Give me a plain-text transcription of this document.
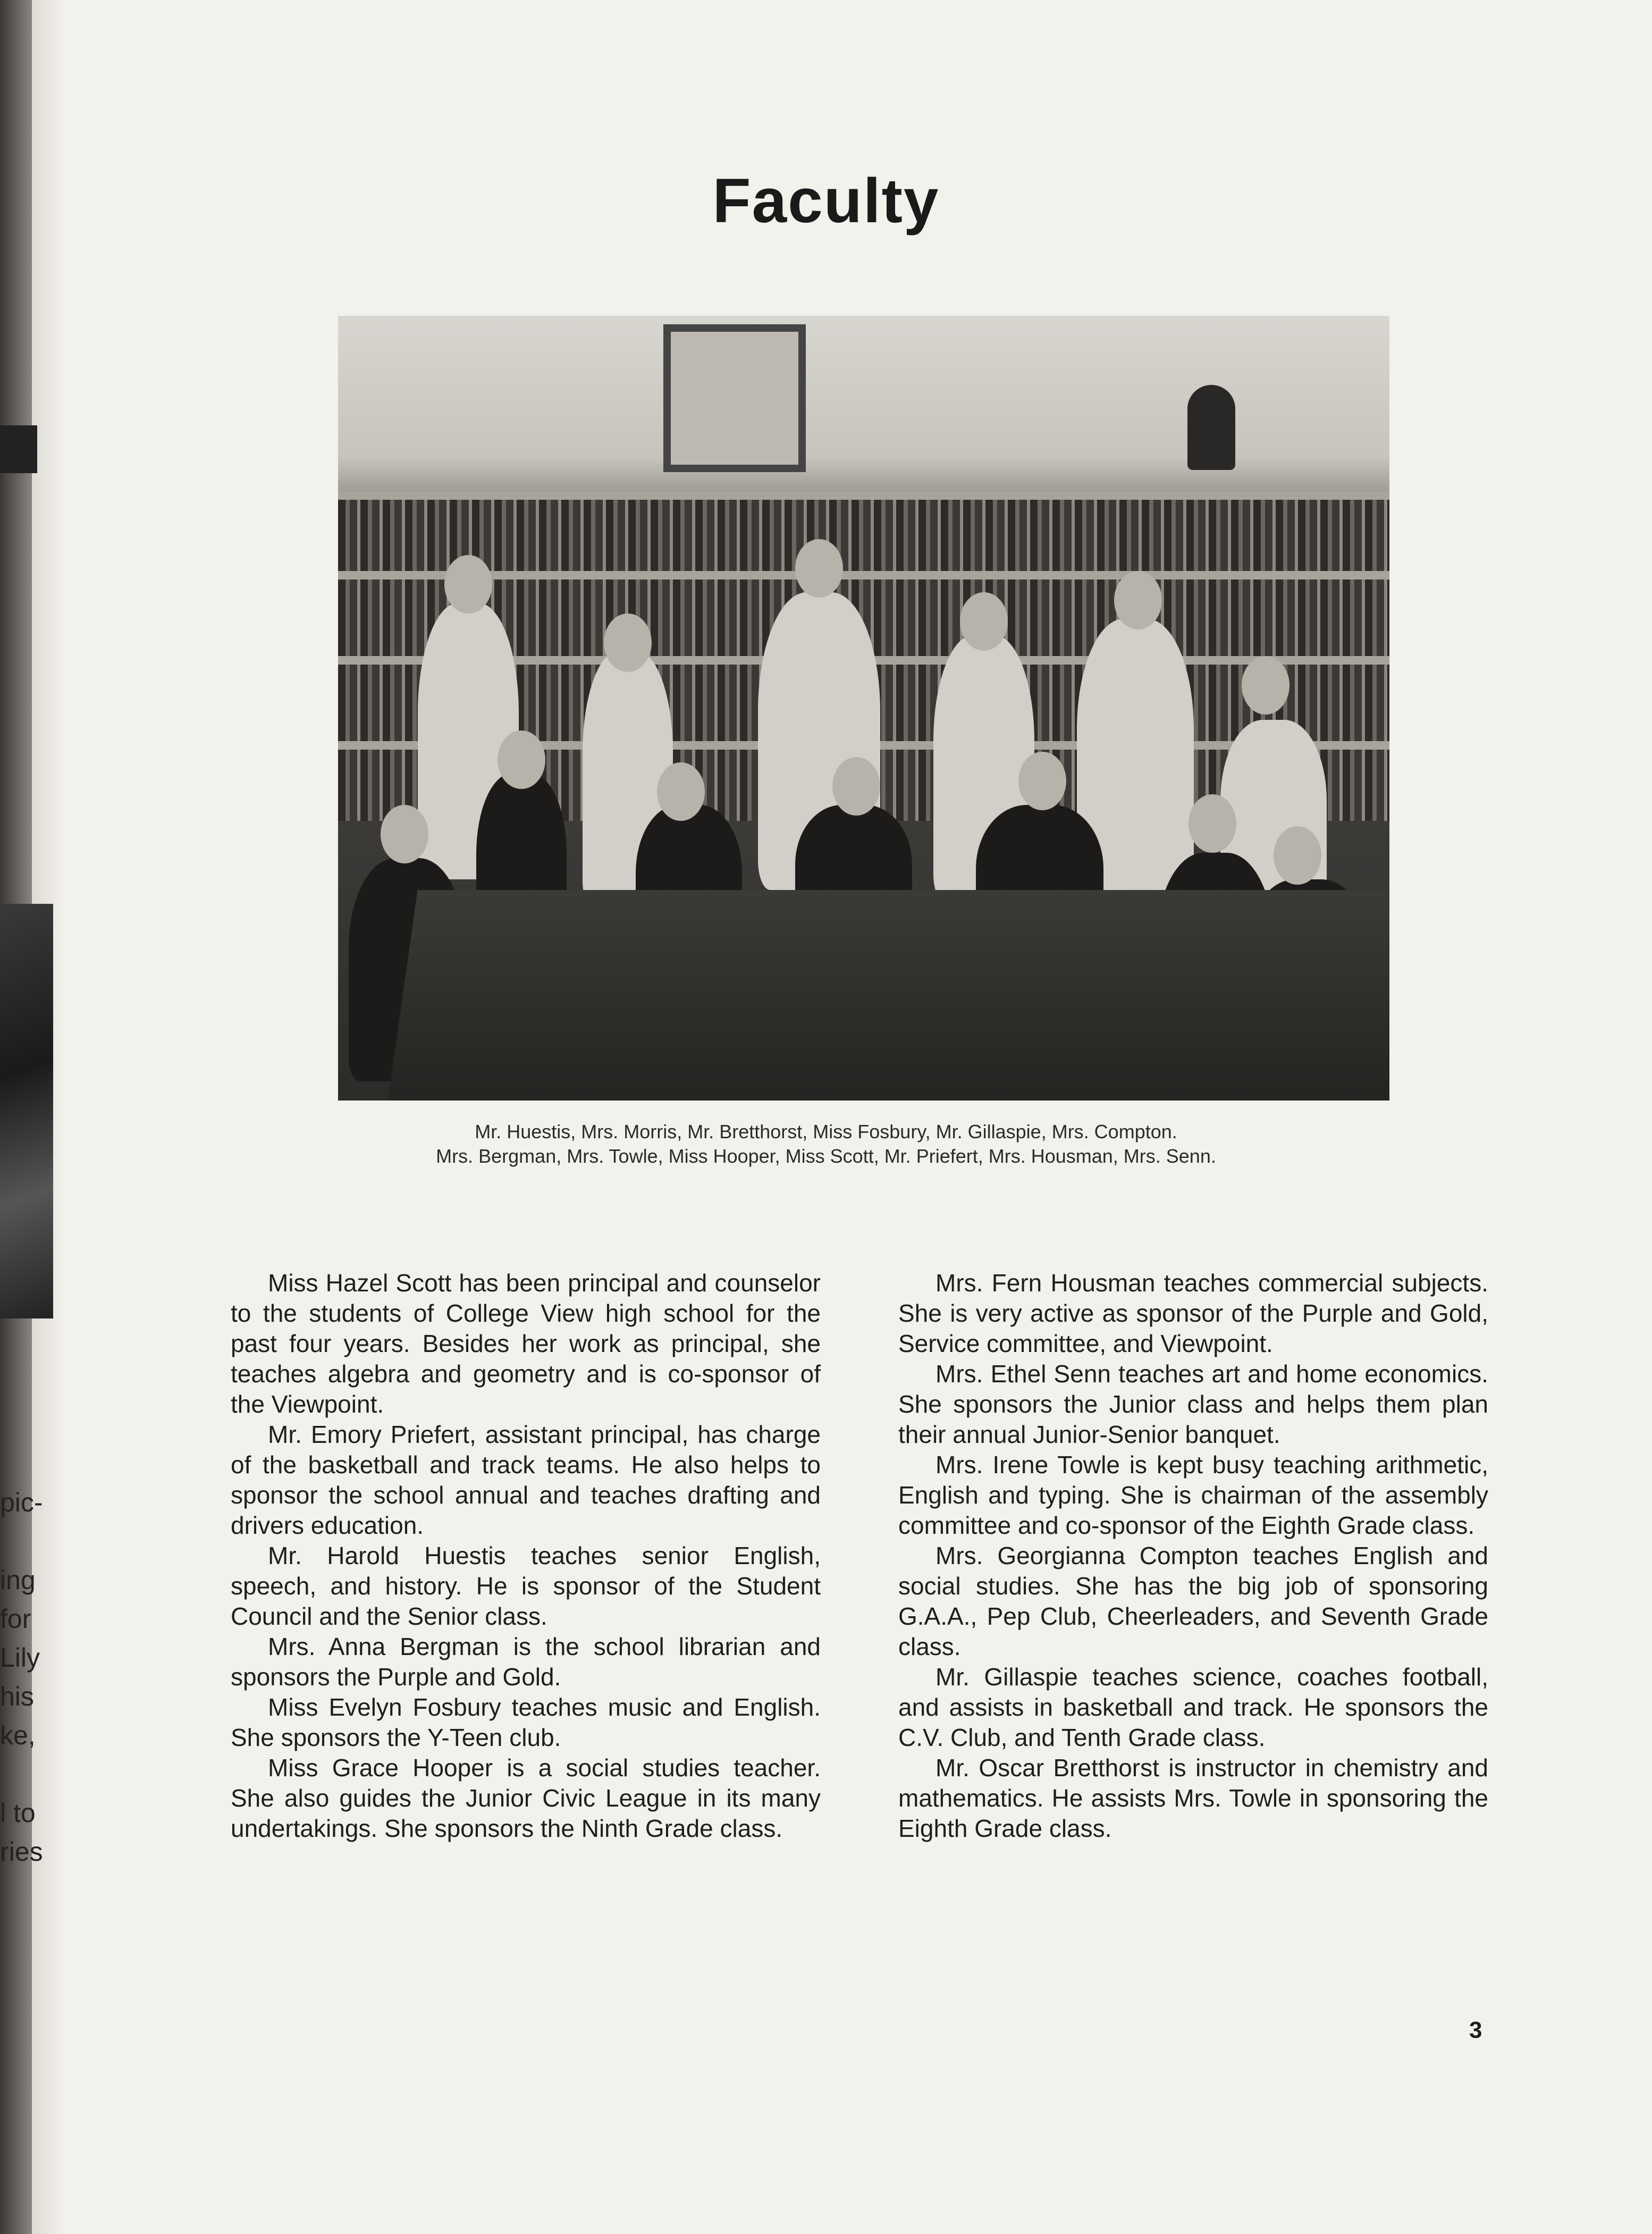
pic-

ing
for
Lily
his
ke,

l to
ries
Faculty
Mr. Huestis, Mrs. Morris, Mr. Bretthorst, Miss Fosbury, Mr. Gillaspie, Mrs. Compton.
Mrs. Bergman, Mrs. Towle, Miss Hooper, Miss Scott, Mr. Priefert, Mrs. Housman, Mrs. Senn.

Miss Hazel Scott has been principal and counselor to the students of College View high school for the past four years. Besides her work as principal, she teaches algebra and geometry and is co-sponsor of the Viewpoint.

Mr. Emory Priefert, assistant principal, has charge of the basketball and track teams. He also helps to sponsor the school annual and teaches drafting and drivers education.

Mr. Harold Huestis teaches senior English, speech, and history. He is sponsor of the Student Council and the Senior class.

Mrs. Anna Bergman is the school librarian and sponsors the Purple and Gold.

Miss Evelyn Fosbury teaches music and English. She sponsors the Y-Teen club.

Miss Grace Hooper is a social studies teacher. She also guides the Junior Civic League in its many undertakings. She sponsors the Ninth Grade class.

Mrs. Fern Housman teaches commercial subjects. She is very active as sponsor of the Purple and Gold, Service committee, and Viewpoint.

Mrs. Ethel Senn teaches art and home economics. She sponsors the Junior class and helps them plan their annual Junior-Senior banquet.

Mrs. Irene Towle is kept busy teaching arithmetic, English and typing. She is chairman of the assembly committee and co-sponsor of the Eighth Grade class.

Mrs. Georgianna Compton teaches English and social studies. She has the big job of sponsoring G.A.A., Pep Club, Cheerleaders, and Seventh Grade class.

Mr. Gillaspie teaches science, coaches football, and assists in basketball and track. He sponsors the C.V. Club, and Tenth Grade class.

Mr. Oscar Bretthorst is instructor in chemistry and mathematics. He assists Mrs. Towle in sponsoring the Eighth Grade class.

3
